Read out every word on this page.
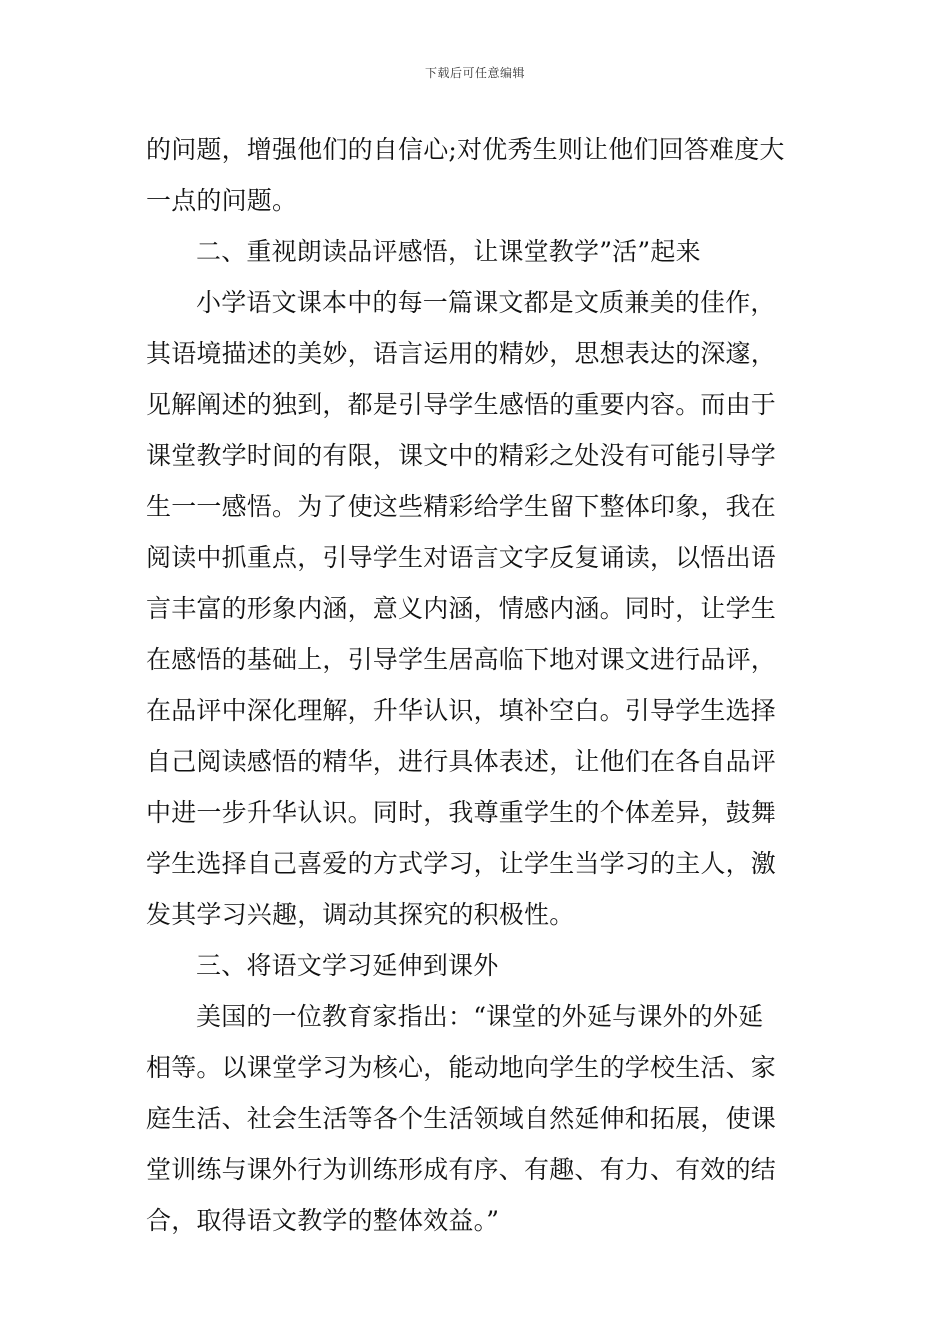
下载后可任意编辑
的问题，增强他们的自信心;对优秀生则让他们回答难度大
一点的问题。
二、重视朗读品评感悟，让课堂教学”活”起来
小学语文课本中的每一篇课文都是文质兼美的佳作，
其语境描述的美妙，语言运用的精妙，思想表达的深邃，
见解阐述的独到，都是引导学生感悟的重要内容。而由于
课堂教学时间的有限，课文中的精彩之处没有可能引导学
生一一感悟。为了使这些精彩给学生留下整体印象，我在
阅读中抓重点，引导学生对语言文字反复诵读，以悟出语
言丰富的形象内涵，意义内涵，情感内涵。同时，让学生
在感悟的基础上，引导学生居高临下地对课文进行品评，
在品评中深化理解，升华认识，填补空白。引导学生选择
自己阅读感悟的精华，进行具体表述，让他们在各自品评
中进一步升华认识。同时，我尊重学生的个体差异，鼓舞
学生选择自己喜爱的方式学习，让学生当学习的主人，激
发其学习兴趣，调动其探究的积极性。
三、将语文学习延伸到课外
美国的一位教育家指出：“课堂的外延与课外的外延
相等。以课堂学习为核心，能动地向学生的学校生活、家
庭生活、社会生活等各个生活领域自然延伸和拓展，使课
堂训练与课外行为训练形成有序、有趣、有力、有效的结
合，取得语文教学的整体效益。”
